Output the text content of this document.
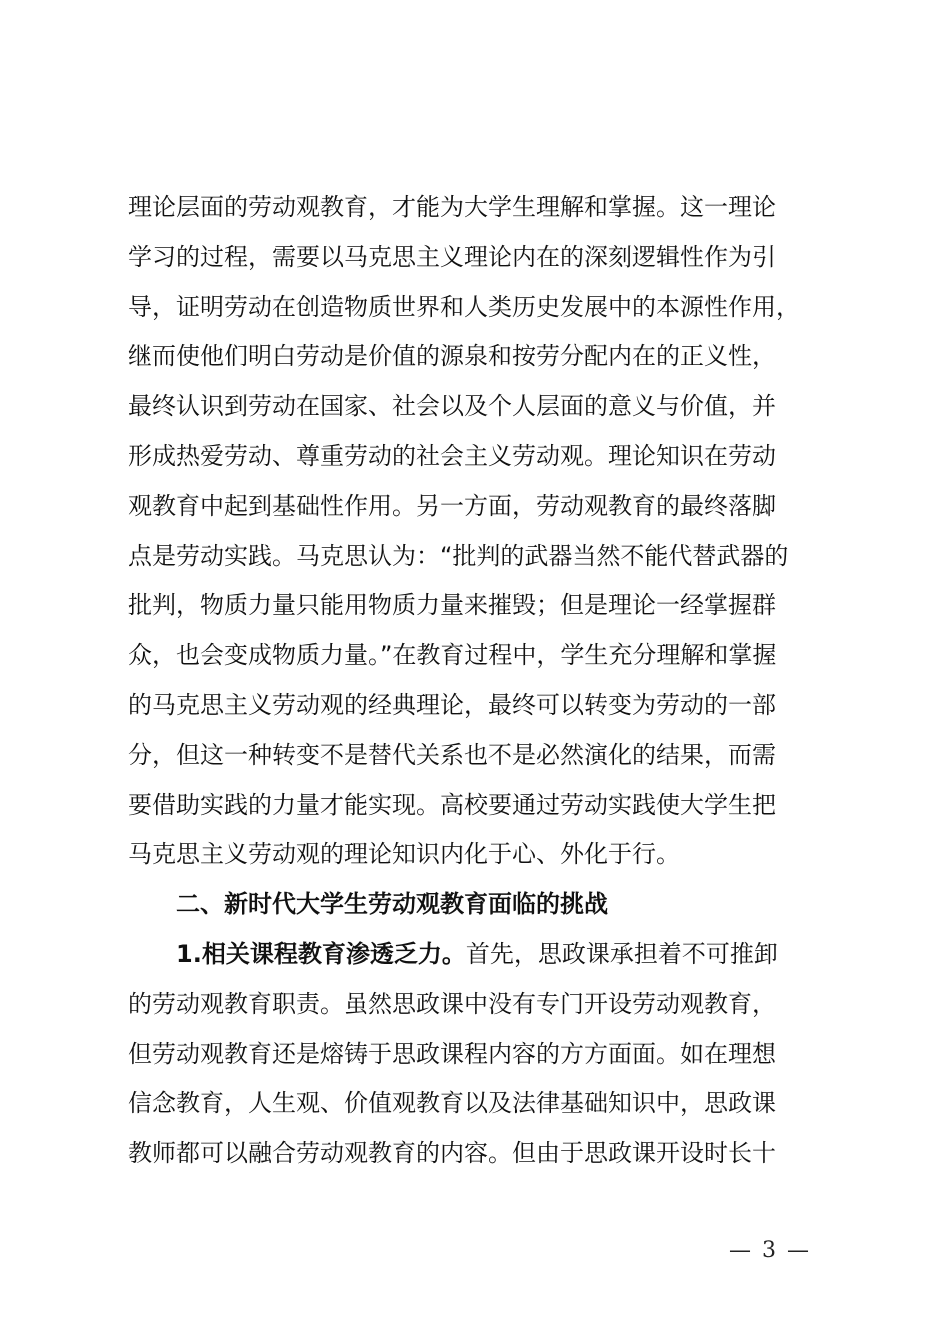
理论层面的劳动观教育，才能为大学生理解和掌握。这一理论
学习的过程，需要以马克思主义理论内在的深刻逻辑性作为引
导，证明劳动在创造物质世界和人类历史发展中的本源性作用，
继而使他们明白劳动是价值的源泉和按劳分配内在的正义性，
最终认识到劳动在国家、社会以及个人层面的意义与价值，并
形成热爱劳动、尊重劳动的社会主义劳动观。理论知识在劳动
观教育中起到基础性作用。另一方面，劳动观教育的最终落脚
点是劳动实践。马克思认为：“批判的武器当然不能代替武器的
批判，物质力量只能用物质力量来摧毁；但是理论一经掌握群
众，也会变成物质力量。”在教育过程中，学生充分理解和掌握
的马克思主义劳动观的经典理论，最终可以转变为劳动的一部
分，但这一种转变不是替代关系也不是必然演化的结果，而需
要借助实践的力量才能实现。高校要通过劳动实践使大学生把
马克思主义劳动观的理论知识内化于心、外化于行。
二、新时代大学生劳动观教育面临的挑战
1.相关课程教育渗透乏力。首先，思政课承担着不可推卸
的劳动观教育职责。虽然思政课中没有专门开设劳动观教育，
但劳动观教育还是熔铸于思政课程内容的方方面面。如在理想
信念教育，人生观、价值观教育以及法律基础知识中，思政课
教师都可以融合劳动观教育的内容。但由于思政课开设时长十
— 3 —
